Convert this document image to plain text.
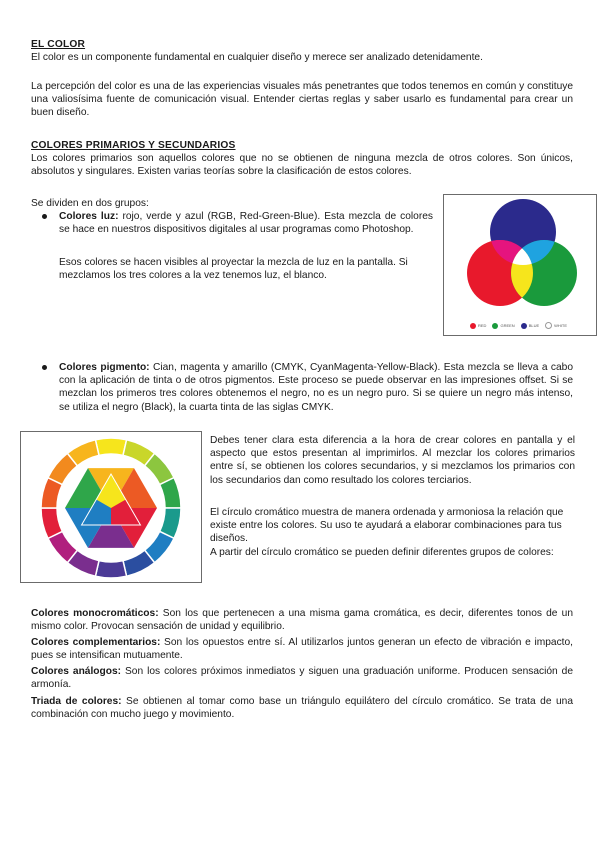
EL COLOR

El color es un componente fundamental en cualquier diseño y merece ser analizado detenidamente.

La percepción del color es una de las experiencias visuales más penetrantes que todos tenemos en común y constituye una valiosísima fuente de comunicación visual. Entender ciertas reglas y saber usarlo es fundamental para crear un buen diseño.

COLORES PRIMARIOS Y SECUNDARIOS

Los colores primarios son aquellos colores que no se obtienen de ninguna mezcla de otros colores. Son únicos, absolutos y singulares. Existen varias teorías sobre la clasificación de estos colores.

Se dividen en dos grupos:

Colores luz: rojo, verde y azul (RGB, Red-Green-Blue). Esta mezcla de colores se hace en nuestros dispositivos digitales al usar programas como Photoshop.

Esos colores se hacen visibles al proyectar la mezcla de luz en la pantalla. Si mezclamos los tres colores a la vez tenemos luz, el blanco.

RED	GREEN	BLUE	WHITE

Colores pigmento: Cian, magenta y amarillo (CMYK, CyanMagenta-Yellow-Black). Esta mezcla se lleva a cabo con la aplicación de tinta o de otros pigmentos. Este proceso se puede observar en las impresiones offset. Si se mezclan los primeros tres colores obtenemos el negro, no es un negro puro. Si se quiere un negro más intenso, se utiliza el negro (Black), la cuarta tinta de las siglas CMYK.

Debes tener clara esta diferencia a la hora de crear colores en pantalla y el aspecto que estos presentan al imprimirlos. Al mezclar los colores primarios entre sí, se obtienen los colores secundarios, y si mezclamos los primarios con los secundarios dan como resultado los colores terciarios.

El círculo cromático muestra de manera ordenada y armoniosa la relación que existe entre los colores. Su uso te ayudará a elaborar combinaciones para tus diseños.

A partir del círculo cromático se pueden definir diferentes grupos de colores:

Colores monocromáticos: Son los que pertenecen a una misma gama cromática, es decir, diferentes tonos de un mismo color. Provocan sensación de unidad y equilibrio.

Colores complementarios: Son los opuestos entre sí. Al utilizarlos juntos generan un efecto de vibración e impacto, pues se intensifican mutuamente.

Colores análogos: Son los colores próximos inmediatos y siguen una graduación uniforme. Producen sensación de armonía.

Triada de colores: Se obtienen al tomar como base un triángulo equilátero del círculo cromático. Se trata de una combinación con mucho juego y movimiento.
